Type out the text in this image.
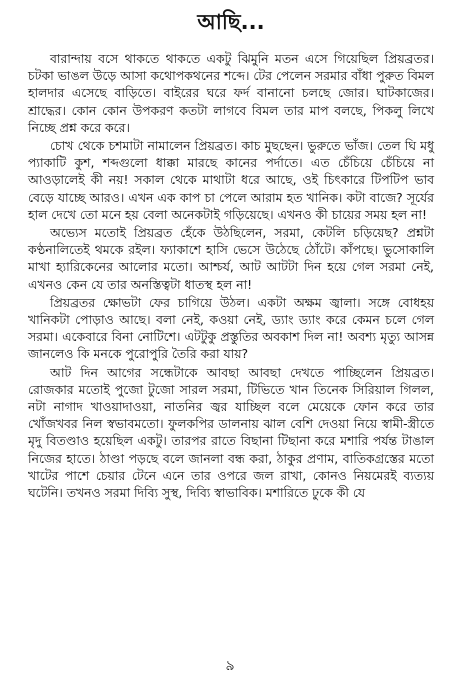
আছি...

বারান্দায় বসে থাকতে থাকতে একটু ঝিমুনি মতন এসে গিয়েছিল প্রিয়ব্রতর। চটকা ভাঙল উড়ে আসা কথোপকথনের শব্দে। টের পেলেন সরমার বাঁধা পুরুত বিমল হালদার এসেছে বাড়িতে। বাইরের ঘরে ফর্দ বানানো চলছে জোর। ঘাটকাজের। শ্রাদ্ধের। কোন কোন উপকরণ কতটা লাগবে বিমল তার মাপ বলছে, পিকলু লিখে নিচ্ছে প্রশ্ন করে করে।

চোখ থেকে চশমাটা নামালেন প্রিয়ব্রত। কাচ মুছছেন। ভুরুতে ভাঁজ। তেল ঘি মধু প্যাকাটি কুশ, শব্দগুলো ধাক্কা মারছে কানের পর্দাতে। এত চেঁচিয়ে চেঁচিয়ে না আওড়ালেই কী নয়! সকাল থেকে মাথাটা ধরে আছে, ওই চিৎকারে টিপটিপ ভাব বেড়ে যাচ্ছে আরও। এখন এক কাপ চা পেলে আরাম হত খানিক। কটা বাজে? সূর্যের হাল দেখে তো মনে হয় বেলা অনেকটাই গড়িয়েছে। এখনও কী চায়ের সময় হল না!

অভ্যেস মতোই প্রিয়ব্রত হেঁকে উঠছিলেন, সরমা, কেটলি চড়িয়েছ? প্রশ্নটা কণ্ঠনালিতেই থমকে রইল। ফ্যাকাশে হাসি ভেসে উঠেছে ঠোঁটে। কাঁপছে। ভুসোকালি মাখা হ্যারিকেনের আলোর মতো। আশ্চর্য, আট আটটা দিন হয়ে গেল সরমা নেই, এখনও কেন যে তার অনস্তিত্বটা ধাতস্থ হল না!

প্রিয়ব্রতর ক্ষোভটা ফের চাগিয়ে উঠল। একটা অক্ষম জ্বালা। সঙ্গে বোধহয় খানিকটা পোড়াও আছে। বলা নেই, কওয়া নেই, ড্যাং ড্যাং করে কেমন চলে গেল সরমা। একেবারে বিনা নোটিশে। এটটুকু প্রস্তুতির অবকাশ দিল না! অবশ্য মৃত্যু আসন্ন জানলেও কি মনকে পুরোপুরি তৈরি করা যায়?

আট দিন আগের সন্ধেটাকে আবছা আবছা দেখতে পাচ্ছিলেন প্রিয়ব্রত। রোজকার মতোই পুজো টুজো সারল সরমা, টিভিতে খান তিনেক সিরিয়াল গিলল, নটা নাগাদ খাওয়াদাওয়া, নাতনির জ্বর যাচ্ছিল বলে মেয়েকে ফোন করে তার খোঁজখবর নিল স্বভাবমতো। ফুলকপির ডালনায় ঝাল বেশি দেওয়া নিয়ে স্বামী-স্ত্রীতে মৃদু বিতণ্ডাও হয়েছিল একটু। তারপর রাতে বিছানা টিছানা করে মশারি পর্যন্ত টাঙাল নিজের হাতে। ঠাণ্ডা পড়ছে বলে জানলা বন্ধ করা, ঠাকুর প্রণাম, বাতিকগ্রস্তের মতো খাটের পাশে চেয়ার টেনে এনে তার ওপরে জল রাখা, কোনও নিয়মেরই ব্যত্যয় ঘটেনি। তখনও সরমা দিব্যি সুস্থ, দিব্যি স্বাভাবিক। মশারিতে ঢুকে কী যে

৯
